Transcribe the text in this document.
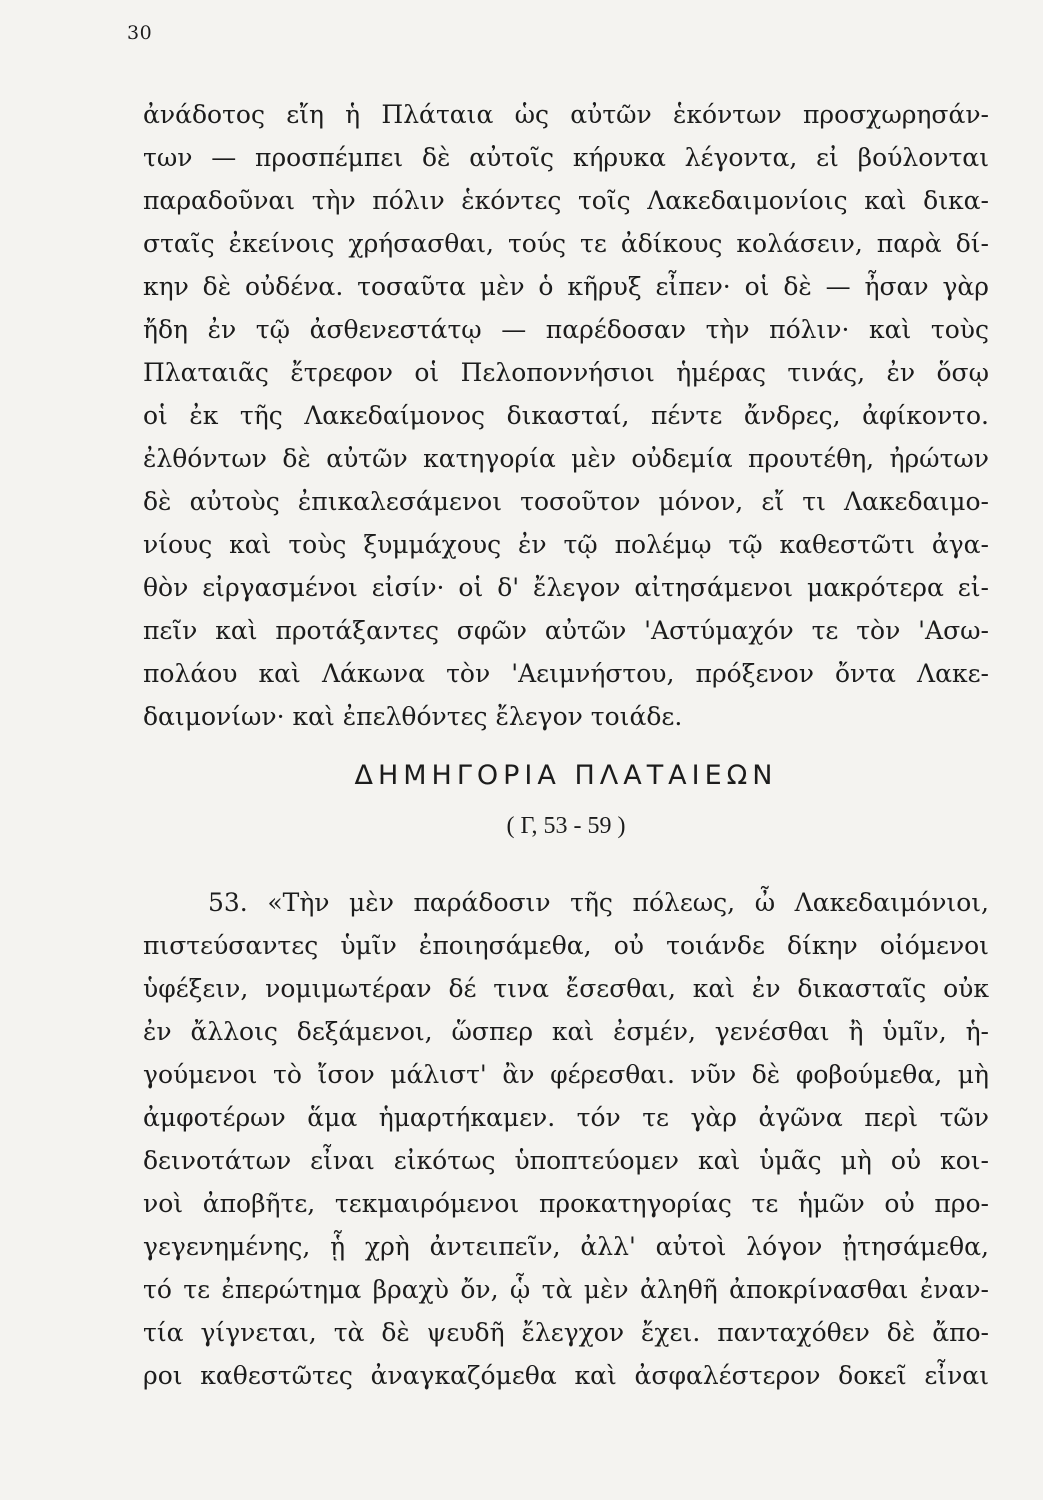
30
ἀνάδοτος εἴη ἡ Πλάταια ὡς αὐτῶν ἑκόντων προσχωρησάν-
των — προσπέμπει δὲ αὐτοῖς κήρυκα λέγοντα, εἰ βούλονται
παραδοῦναι τὴν πόλιν ἑκόντες τοῖς Λακεδαιμονίοις καὶ δικα-
σταῖς ἐκείνοις χρήσασθαι, τούς τε ἀδίκους κολάσειν, παρὰ δί-
κην δὲ οὐδένα. τοσαῦτα μὲν ὁ κῆρυξ εἶπεν· οἱ δὲ — ἦσαν γὰρ
ἤδη ἐν τῷ ἀσθενεστάτῳ — παρέδοσαν τὴν πόλιν· καὶ τοὺς
Πλαταιᾶς ἔτρεφον οἱ Πελοποννήσιοι ἡμέρας τινάς, ἐν ὅσῳ
οἱ ἐκ τῆς Λακεδαίμονος δικασταί, πέντε ἄνδρες, ἀφίκοντο.
ἐλθόντων δὲ αὐτῶν κατηγορία μὲν οὐδεμία προυτέθη, ἠρώτων
δὲ αὐτοὺς ἐπικαλεσάμενοι τοσοῦτον μόνον, εἴ τι Λακεδαιμο-
νίους καὶ τοὺς ξυμμάχους ἐν τῷ πολέμῳ τῷ καθεστῶτι ἀγα-
θὸν εἰργασμένοι εἰσίν· οἱ δ' ἔλεγον αἰτησάμενοι μακρότερα εἰ-
πεῖν καὶ προτάξαντες σφῶν αὐτῶν 'Αστύμαχόν τε τὸν 'Ασω-
πολάου καὶ Λάκωνα τὸν 'Αειμνήστου, πρόξενον ὄντα Λακε-
δαιμονίων· καὶ ἐπελθόντες ἔλεγον τοιάδε.
ΔΗΜΗΓΟΡΙΑ ΠΛΑΤΑΙΕΩΝ
( Γ, 53 - 59 )
53. «Τὴν μὲν παράδοσιν τῆς πόλεως, ὦ Λακεδαιμόνιοι,
πιστεύσαντες ὑμῖν ἐποιησάμεθα, οὐ τοιάνδε δίκην οἰόμενοι
ὑφέξειν, νομιμωτέραν δέ τινα ἔσεσθαι, καὶ ἐν δικασταῖς οὐκ
ἐν ἄλλοις δεξάμενοι, ὥσπερ καὶ ἐσμέν, γενέσθαι ἢ ὑμῖν, ἡ-
γούμενοι τὸ ἴσον μάλιστ' ἂν φέρεσθαι. νῦν δὲ φοβούμεθα, μὴ
ἀμφοτέρων ἅμα ἡμαρτήκαμεν. τόν τε γὰρ ἀγῶνα περὶ τῶν
δεινοτάτων εἶναι εἰκότως ὑποπτεύομεν καὶ ὑμᾶς μὴ οὐ κοι-
νοὶ ἀποβῆτε, τεκμαιρόμενοι προκατηγορίας τε ἡμῶν οὐ προ-
γεγενημένης, ᾗ χρὴ ἀντειπεῖν, ἀλλ' αὐτοὶ λόγον ᾐτησάμεθα,
τό τε ἐπερώτημα βραχὺ ὄν, ᾧ τὰ μὲν ἀληθῆ ἀποκρίνασθαι ἐναν-
τία γίγνεται, τὰ δὲ ψευδῆ ἔλεγχον ἔχει. πανταχόθεν δὲ ἄπο-
ροι καθεστῶτες ἀναγκαζόμεθα καὶ ἀσφαλέστερον δοκεῖ εἶναι
